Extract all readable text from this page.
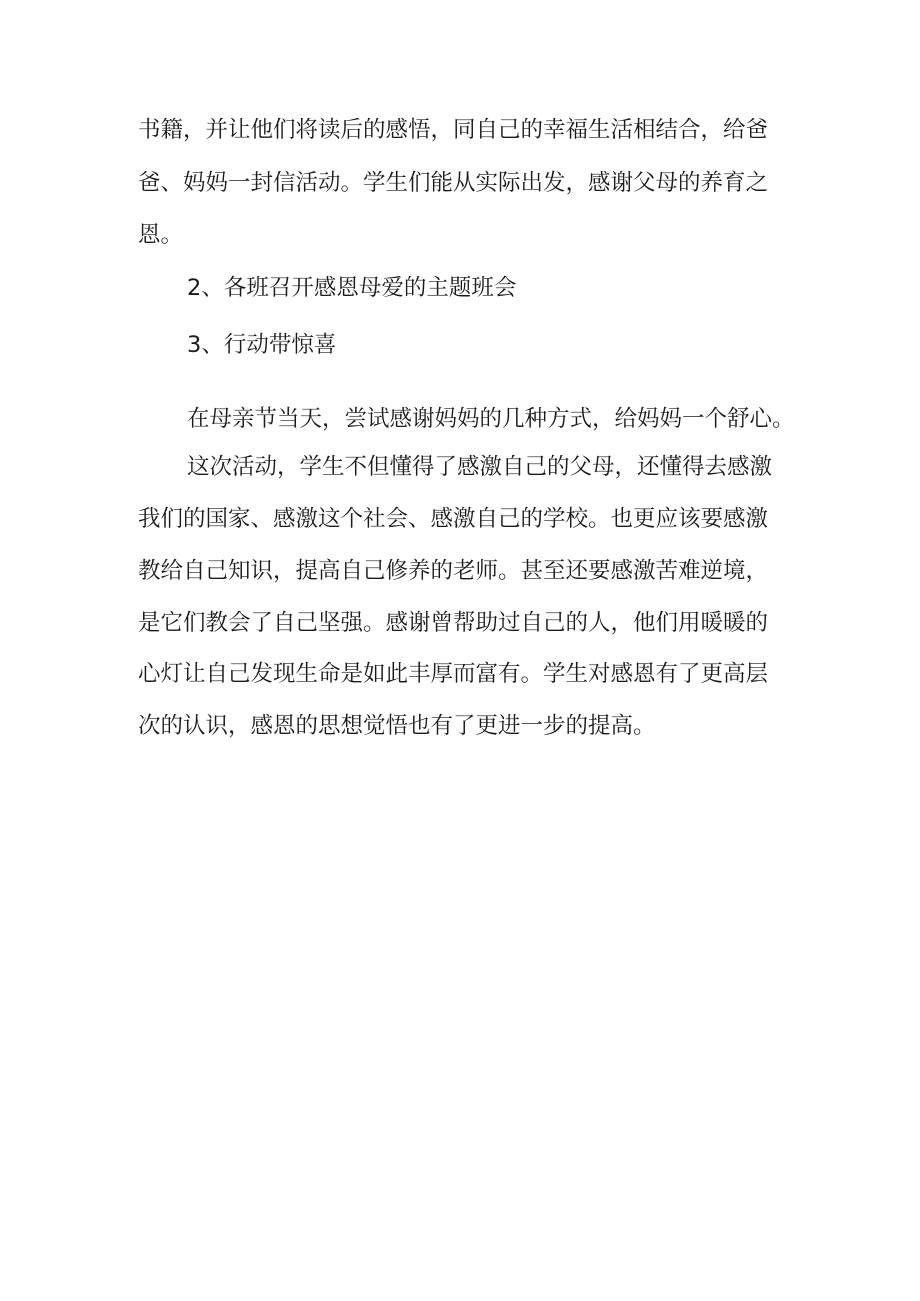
书籍，并让他们将读后的感悟，同自己的幸福生活相结合，给爸
爸、妈妈一封信活动。学生们能从实际出发，感谢父母的养育之
恩。
2、各班召开感恩母爱的主题班会
3、行动带惊喜
在母亲节当天，尝试感谢妈妈的几种方式，给妈妈一个舒心。
这次活动，学生不但懂得了感激自己的父母，还懂得去感激
我们的国家、感激这个社会、感激自己的学校。也更应该要感激
教给自己知识，提高自己修养的老师。甚至还要感激苦难逆境，
是它们教会了自己坚强。感谢曾帮助过自己的人，他们用暖暖的
心灯让自己发现生命是如此丰厚而富有。学生对感恩有了更高层
次的认识，感恩的思想觉悟也有了更进一步的提高。
